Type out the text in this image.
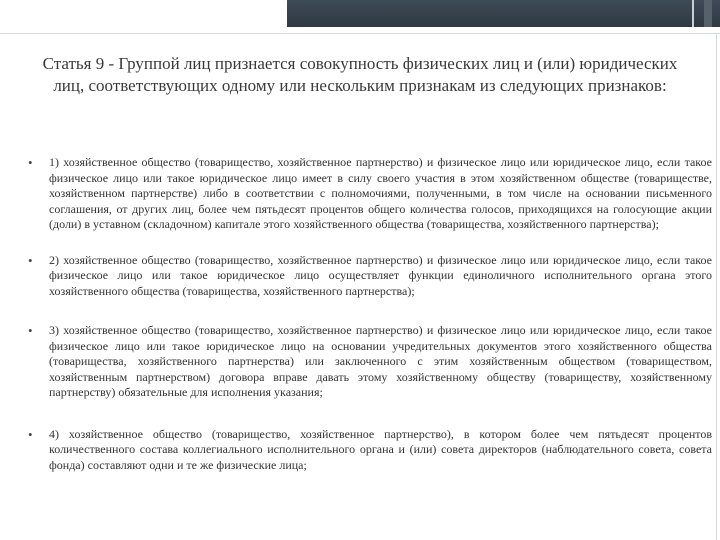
Статья 9 - Группой лиц признается совокупность физических лиц и (или) юридических лиц, соответствующих одному или нескольким признакам из следующих признаков:
• 1) хозяйственное общество (товарищество, хозяйственное партнерство) и физическое лицо или юридическое лицо, если такое физическое лицо или такое юридическое лицо имеет в силу своего участия в этом хозяйственном обществе (товариществе, хозяйственном партнерстве) либо в соответствии с полномочиями, полученными, в том числе на основании письменного соглашения, от других лиц, более чем пятьдесят процентов общего количества голосов, приходящихся на голосующие акции (доли) в уставном (складочном) капитале этого хозяйственного общества (товарищества, хозяйственного партнерства);
• 2) хозяйственное общество (товарищество, хозяйственное партнерство) и физическое лицо или юридическое лицо, если такое физическое лицо или такое юридическое лицо осуществляет функции единоличного исполнительного органа этого хозяйственного общества (товарищества, хозяйственного партнерства);
• 3) хозяйственное общество (товарищество, хозяйственное партнерство) и физическое лицо или юридическое лицо, если такое физическое лицо или такое юридическое лицо на основании учредительных документов этого хозяйственного общества (товарищества, хозяйственного партнерства) или заключенного с этим хозяйственным обществом (товариществом, хозяйственным партнерством) договора вправе давать этому хозяйственному обществу (товариществу, хозяйственному партнерству) обязательные для исполнения указания;
• 4) хозяйственное общество (товарищество, хозяйственное партнерство), в котором более чем пятьдесят процентов количественного состава коллегиального исполнительного органа и (или) совета директоров (наблюдательного совета, совета фонда) составляют одни и те же физические лица;
